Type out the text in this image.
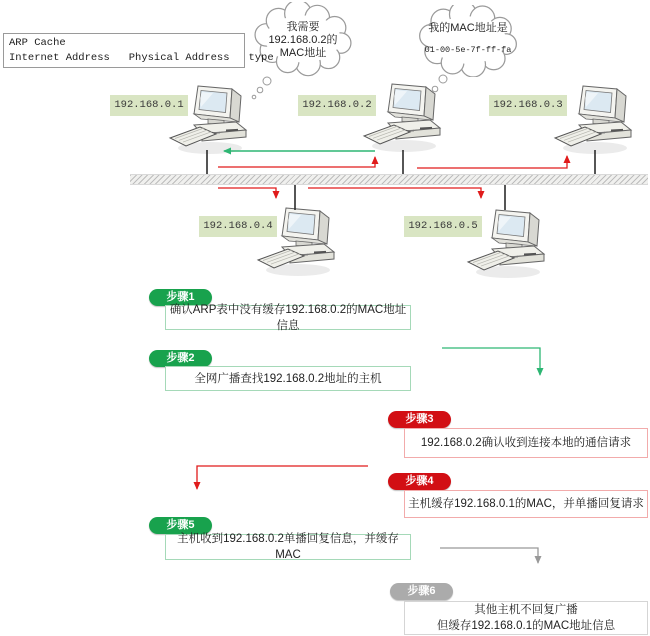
ARP Cache
Internet Address   Physical Address   type
我需要
192.168.0.2的
MAC地址
我的MAC地址是
01-00-5e-7f-ff-fa
192.168.0.1	192.168.0.2	192.168.0.3
192.168.0.4	192.168.0.5
步骤1
确认ARP表中没有缓存192.168.0.2的MAC地址信息
步骤2
全网广播查找192.168.0.2地址的主机
步骤3
192.168.0.2确认收到连接本地的通信请求
步骤4
主机缓存192.168.0.1的MAC，并单播回复请求
步骤5
主机收到192.168.0.2单播回复信息，并缓存MAC
步骤6
其他主机不回复广播
但缓存192.168.0.1的MAC地址信息
